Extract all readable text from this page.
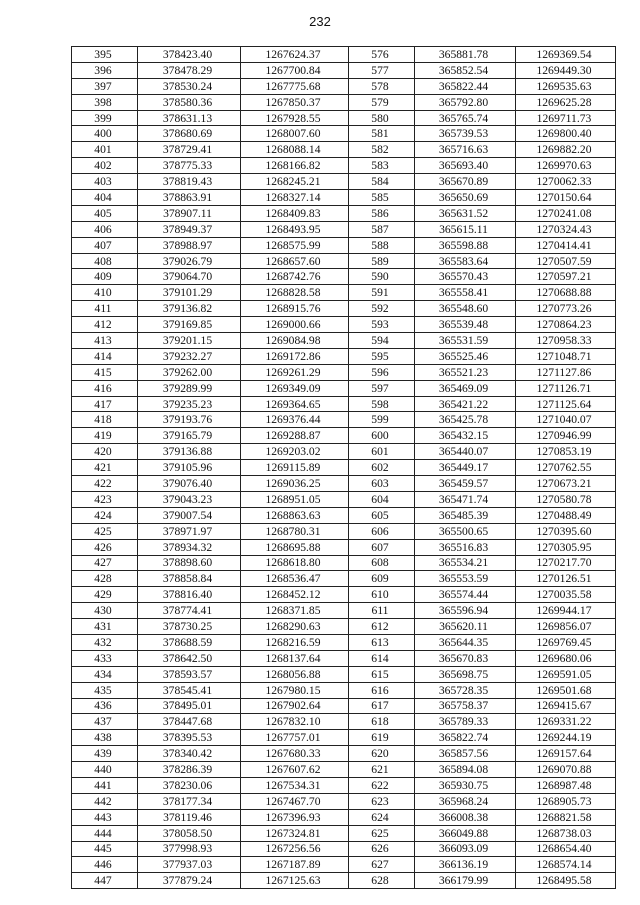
232
395	378423.40	1267624.37	576	365881.78	1269369.54
396	378478.29	1267700.84	577	365852.54	1269449.30
397	378530.24	1267775.68	578	365822.44	1269535.63
398	378580.36	1267850.37	579	365792.80	1269625.28
399	378631.13	1267928.55	580	365765.74	1269711.73
400	378680.69	1268007.60	581	365739.53	1269800.40
401	378729.41	1268088.14	582	365716.63	1269882.20
402	378775.33	1268166.82	583	365693.40	1269970.63
403	378819.43	1268245.21	584	365670.89	1270062.33
404	378863.91	1268327.14	585	365650.69	1270150.64
405	378907.11	1268409.83	586	365631.52	1270241.08
406	378949.37	1268493.95	587	365615.11	1270324.43
407	378988.97	1268575.99	588	365598.88	1270414.41
408	379026.79	1268657.60	589	365583.64	1270507.59
409	379064.70	1268742.76	590	365570.43	1270597.21
410	379101.29	1268828.58	591	365558.41	1270688.88
411	379136.82	1268915.76	592	365548.60	1270773.26
412	379169.85	1269000.66	593	365539.48	1270864.23
413	379201.15	1269084.98	594	365531.59	1270958.33
414	379232.27	1269172.86	595	365525.46	1271048.71
415	379262.00	1269261.29	596	365521.23	1271127.86
416	379289.99	1269349.09	597	365469.09	1271126.71
417	379235.23	1269364.65	598	365421.22	1271125.64
418	379193.76	1269376.44	599	365425.78	1271040.07
419	379165.79	1269288.87	600	365432.15	1270946.99
420	379136.88	1269203.02	601	365440.07	1270853.19
421	379105.96	1269115.89	602	365449.17	1270762.55
422	379076.40	1269036.25	603	365459.57	1270673.21
423	379043.23	1268951.05	604	365471.74	1270580.78
424	379007.54	1268863.63	605	365485.39	1270488.49
425	378971.97	1268780.31	606	365500.65	1270395.60
426	378934.32	1268695.88	607	365516.83	1270305.95
427	378898.60	1268618.80	608	365534.21	1270217.70
428	378858.84	1268536.47	609	365553.59	1270126.51
429	378816.40	1268452.12	610	365574.44	1270035.58
430	378774.41	1268371.85	611	365596.94	1269944.17
431	378730.25	1268290.63	612	365620.11	1269856.07
432	378688.59	1268216.59	613	365644.35	1269769.45
433	378642.50	1268137.64	614	365670.83	1269680.06
434	378593.57	1268056.88	615	365698.75	1269591.05
435	378545.41	1267980.15	616	365728.35	1269501.68
436	378495.01	1267902.64	617	365758.37	1269415.67
437	378447.68	1267832.10	618	365789.33	1269331.22
438	378395.53	1267757.01	619	365822.74	1269244.19
439	378340.42	1267680.33	620	365857.56	1269157.64
440	378286.39	1267607.62	621	365894.08	1269070.88
441	378230.06	1267534.31	622	365930.75	1268987.48
442	378177.34	1267467.70	623	365968.24	1268905.73
443	378119.46	1267396.93	624	366008.38	1268821.58
444	378058.50	1267324.81	625	366049.88	1268738.03
445	377998.93	1267256.56	626	366093.09	1268654.40
446	377937.03	1267187.89	627	366136.19	1268574.14
447	377879.24	1267125.63	628	366179.99	1268495.58
